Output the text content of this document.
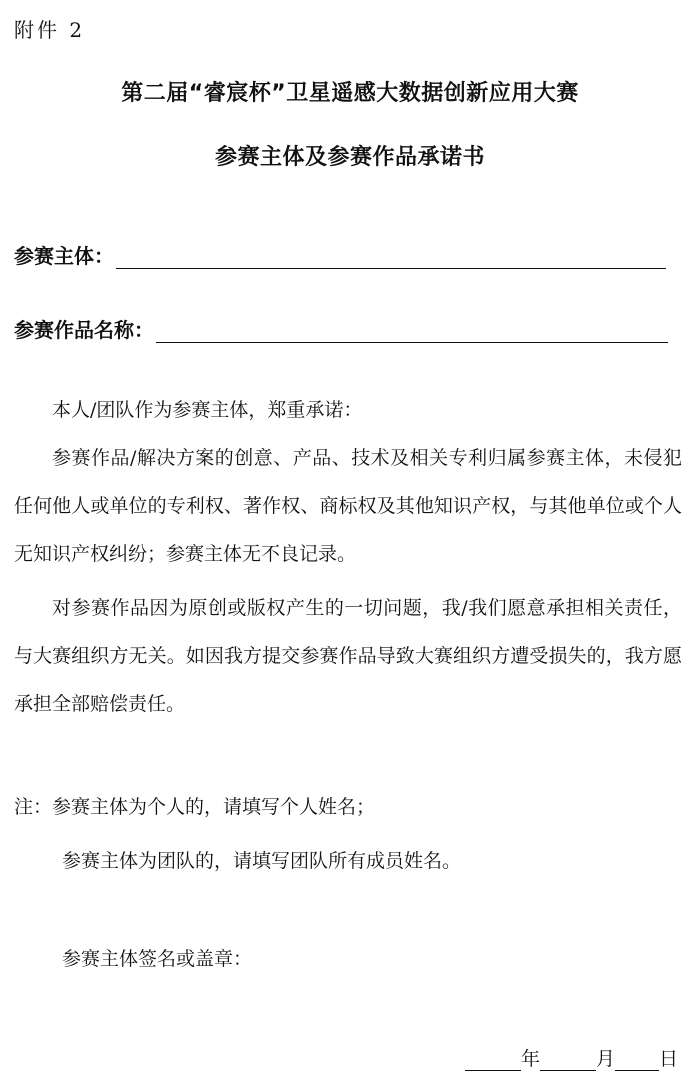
附件 2
第二届“睿宸杯”卫星遥感大数据创新应用大赛
参赛主体及参赛作品承诺书
参赛主体：
参赛作品名称：
本人/团队作为参赛主体，郑重承诺：
参赛作品/解决方案的创意、产品、技术及相关专利归属参赛主体，未侵犯任何他人或单位的专利权、著作权、商标权及其他知识产权，与其他单位或个人无知识产权纠纷；参赛主体无不良记录。
对参赛作品因为原创或版权产生的一切问题，我/我们愿意承担相关责任，与大赛组织方无关。如因我方提交参赛作品导致大赛组织方遭受损失的，我方愿承担全部赔偿责任。
注：参赛主体为个人的，请填写个人姓名；
参赛主体为团队的，请填写团队所有成员姓名。
参赛主体签名或盖章：
年	月 日
